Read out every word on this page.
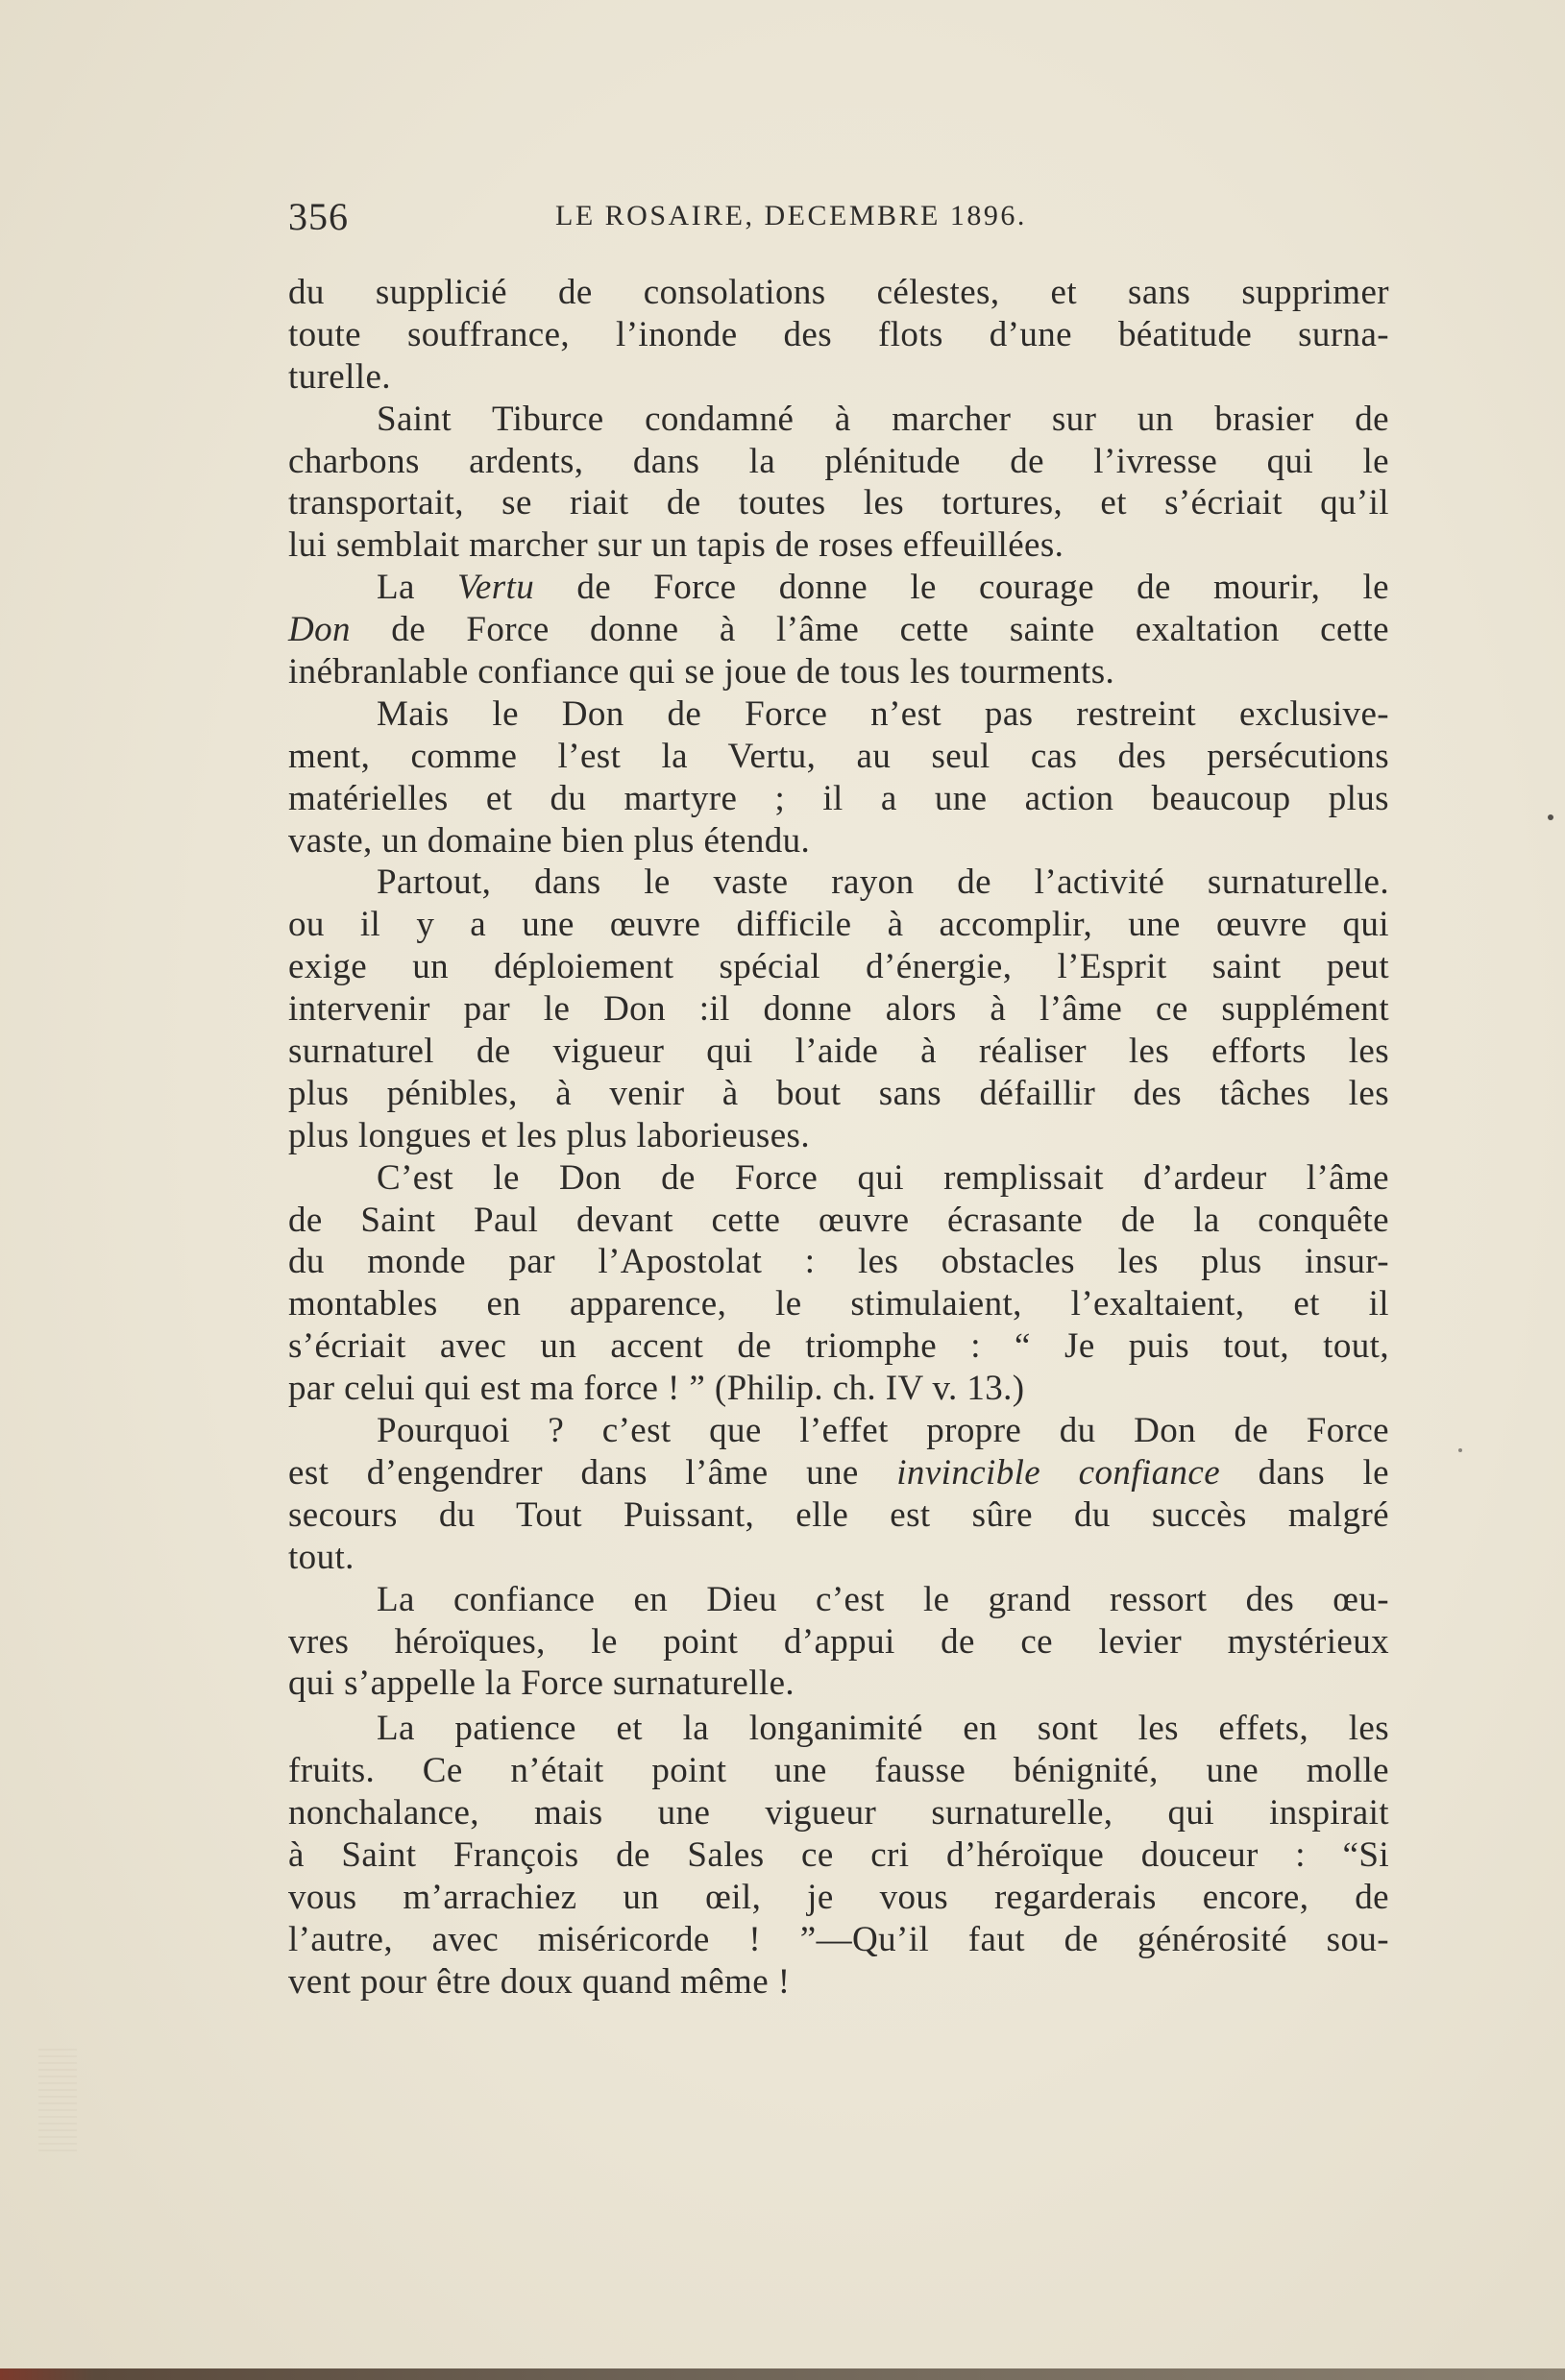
356	LE ROSAIRE, DECEMBRE 1896.
du supplicié de consolations célestes, et sans supprimer
toute souffrance, l’inonde des flots d’une béatitude surna-
turelle.
Saint Tiburce condamné à marcher sur un brasier de
charbons ardents, dans la plénitude de l’ivresse qui le
transportait, se riait de toutes les tortures, et s’écriait qu’il
lui semblait marcher sur un tapis de roses effeuillées.
La Vertu de Force donne le courage de mourir, le
Don de Force donne à l’âme cette sainte exaltation cette
inébranlable confiance qui se joue de tous les tourments.
Mais le Don de Force n’est pas restreint exclusive-
ment, comme l’est la Vertu, au seul cas des persécutions
matérielles et du martyre ; il a une action beaucoup plus
vaste, un domaine bien plus étendu.
Partout, dans le vaste rayon de l’activité surnaturelle.
ou il y a une œuvre difficile à accomplir, une œuvre qui
exige un déploiement spécial d’énergie, l’Esprit saint peut
intervenir par le Don :il donne alors à l’âme ce supplément
surnaturel de vigueur qui l’aide à réaliser les efforts les
plus pénibles, à venir à bout sans défaillir des tâches les
plus longues et les plus laborieuses.
C’est le Don de Force qui remplissait d’ardeur l’âme
de Saint Paul devant cette œuvre écrasante de la conquête
du monde par l’Apostolat : les obstacles les plus insur-
montables en apparence, le stimulaient, l’exaltaient, et il
s’écriait avec un accent de triomphe : “ Je puis tout, tout,
par celui qui est ma force ! ” (Philip. ch. IV v. 13.)
Pourquoi ? c’est que l’effet propre du Don de Force
est d’engendrer dans l’âme une invincible confiance dans le
secours du Tout Puissant, elle est sûre du succès malgré
tout.
La confiance en Dieu c’est le grand ressort des œu-
vres héroïques, le point d’appui de ce levier mystérieux
qui s’appelle la Force surnaturelle.
La patience et la longanimité en sont les effets, les
fruits. Ce n’était point une fausse bénignité, une molle
nonchalance, mais une vigueur surnaturelle, qui inspirait
à Saint François de Sales ce cri d’héroïque douceur : “Si
vous m’arrachiez un œil, je vous regarderais encore, de
l’autre, avec miséricorde ! ”—Qu’il faut de générosité sou-
vent pour être doux quand même !
